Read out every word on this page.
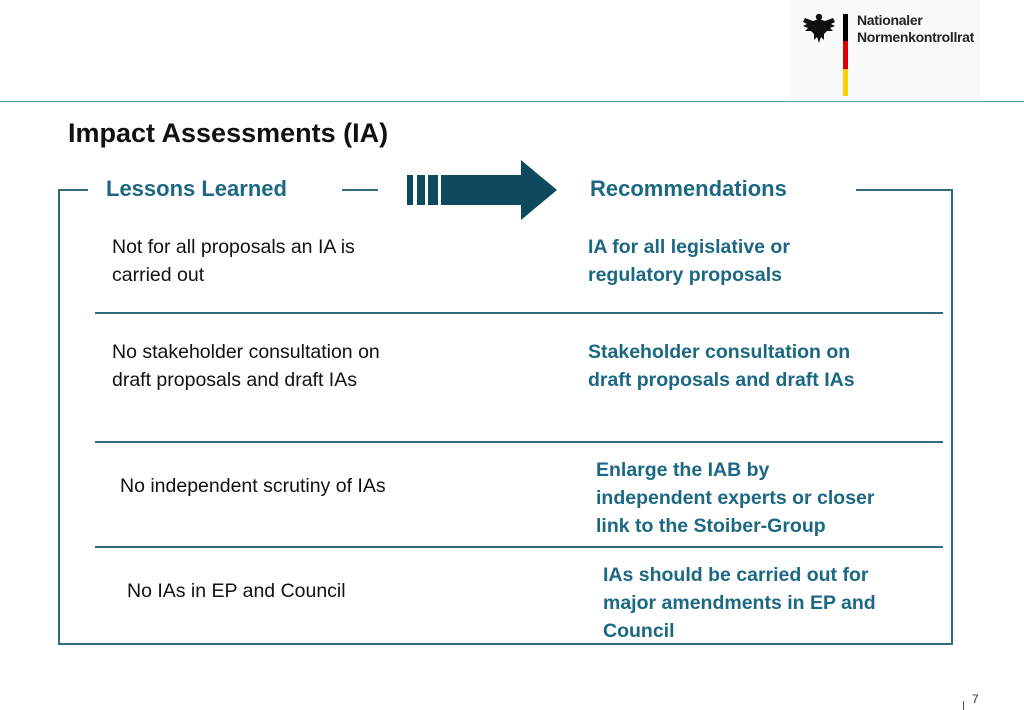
Nationaler
Normenkontrollrat
Impact Assessments (IA)
Lessons Learned	Recommendations
Not for all proposals an IA is
carried out
IA for all legislative or
regulatory proposals
No stakeholder consultation on
draft proposals and draft IAs
Stakeholder consultation on
draft proposals and draft IAs
No independent scrutiny of IAs
Enlarge the IAB by
independent experts or closer
link to the Stoiber-Group
No IAs in EP and Council
IAs should be carried out for
major amendments in EP and
Council
7
